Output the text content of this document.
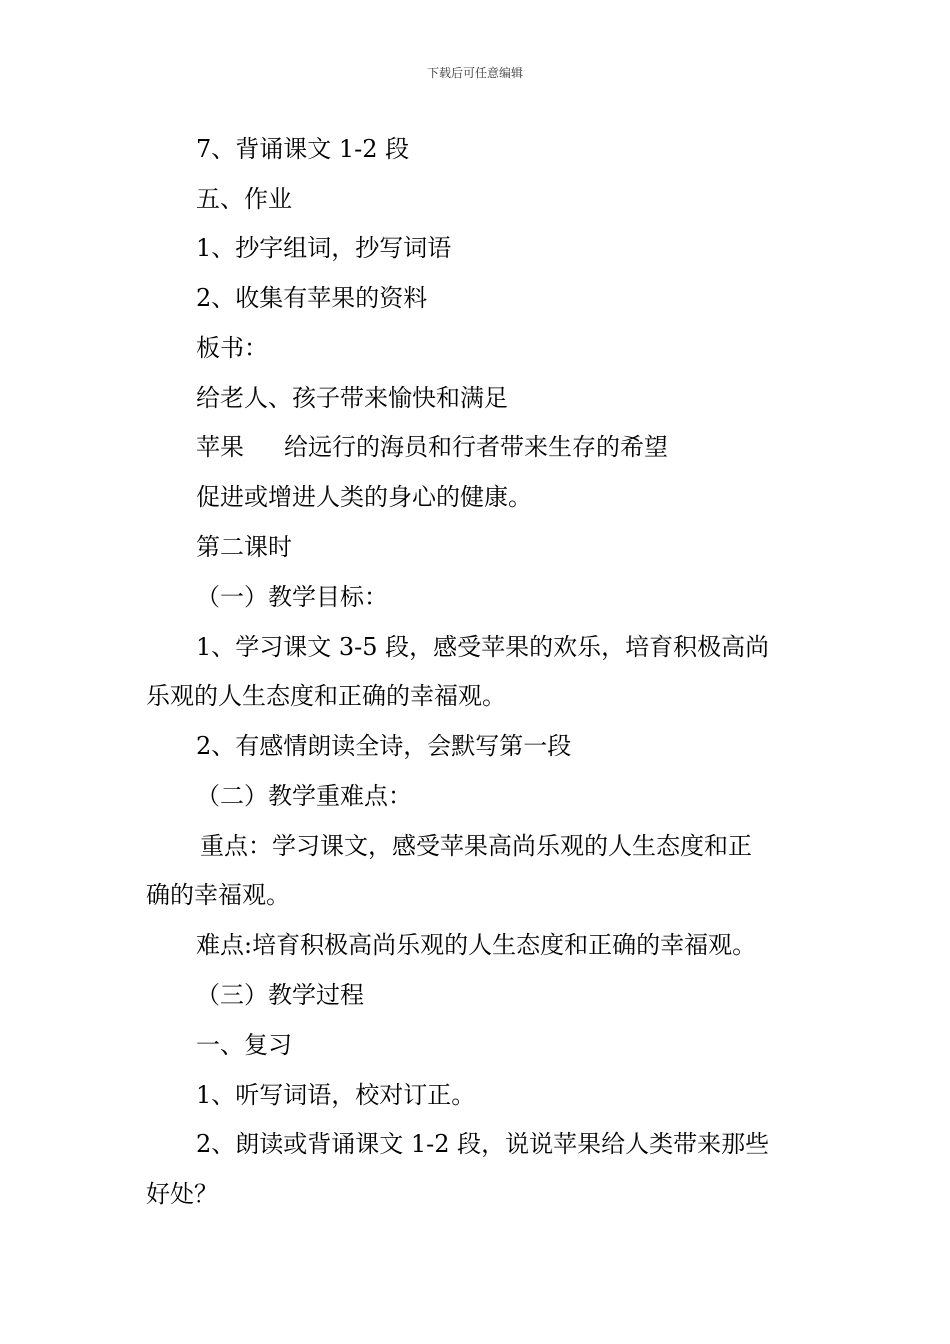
下载后可任意编辑
7、背诵课文 1-2 段
五、作业
1、抄字组词，抄写词语
2、收集有苹果的资料
板书：
给老人、孩子带来愉快和满足
苹果 给远行的海员和行者带来生存的希望
促进或增进人类的身心的健康。
第二课时
（一）教学目标：
1、学习课文 3-5 段，感受苹果的欢乐，培育积极高尚
乐观的人生态度和正确的幸福观。
2、有感情朗读全诗，会默写第一段
（二）教学重难点：
重点：学习课文，感受苹果高尚乐观的人生态度和正
确的幸福观。
难点:培育积极高尚乐观的人生态度和正确的幸福观。
（三）教学过程
一、复习
1、听写词语，校对订正。
2、朗读或背诵课文 1-2 段，说说苹果给人类带来那些
好处？
